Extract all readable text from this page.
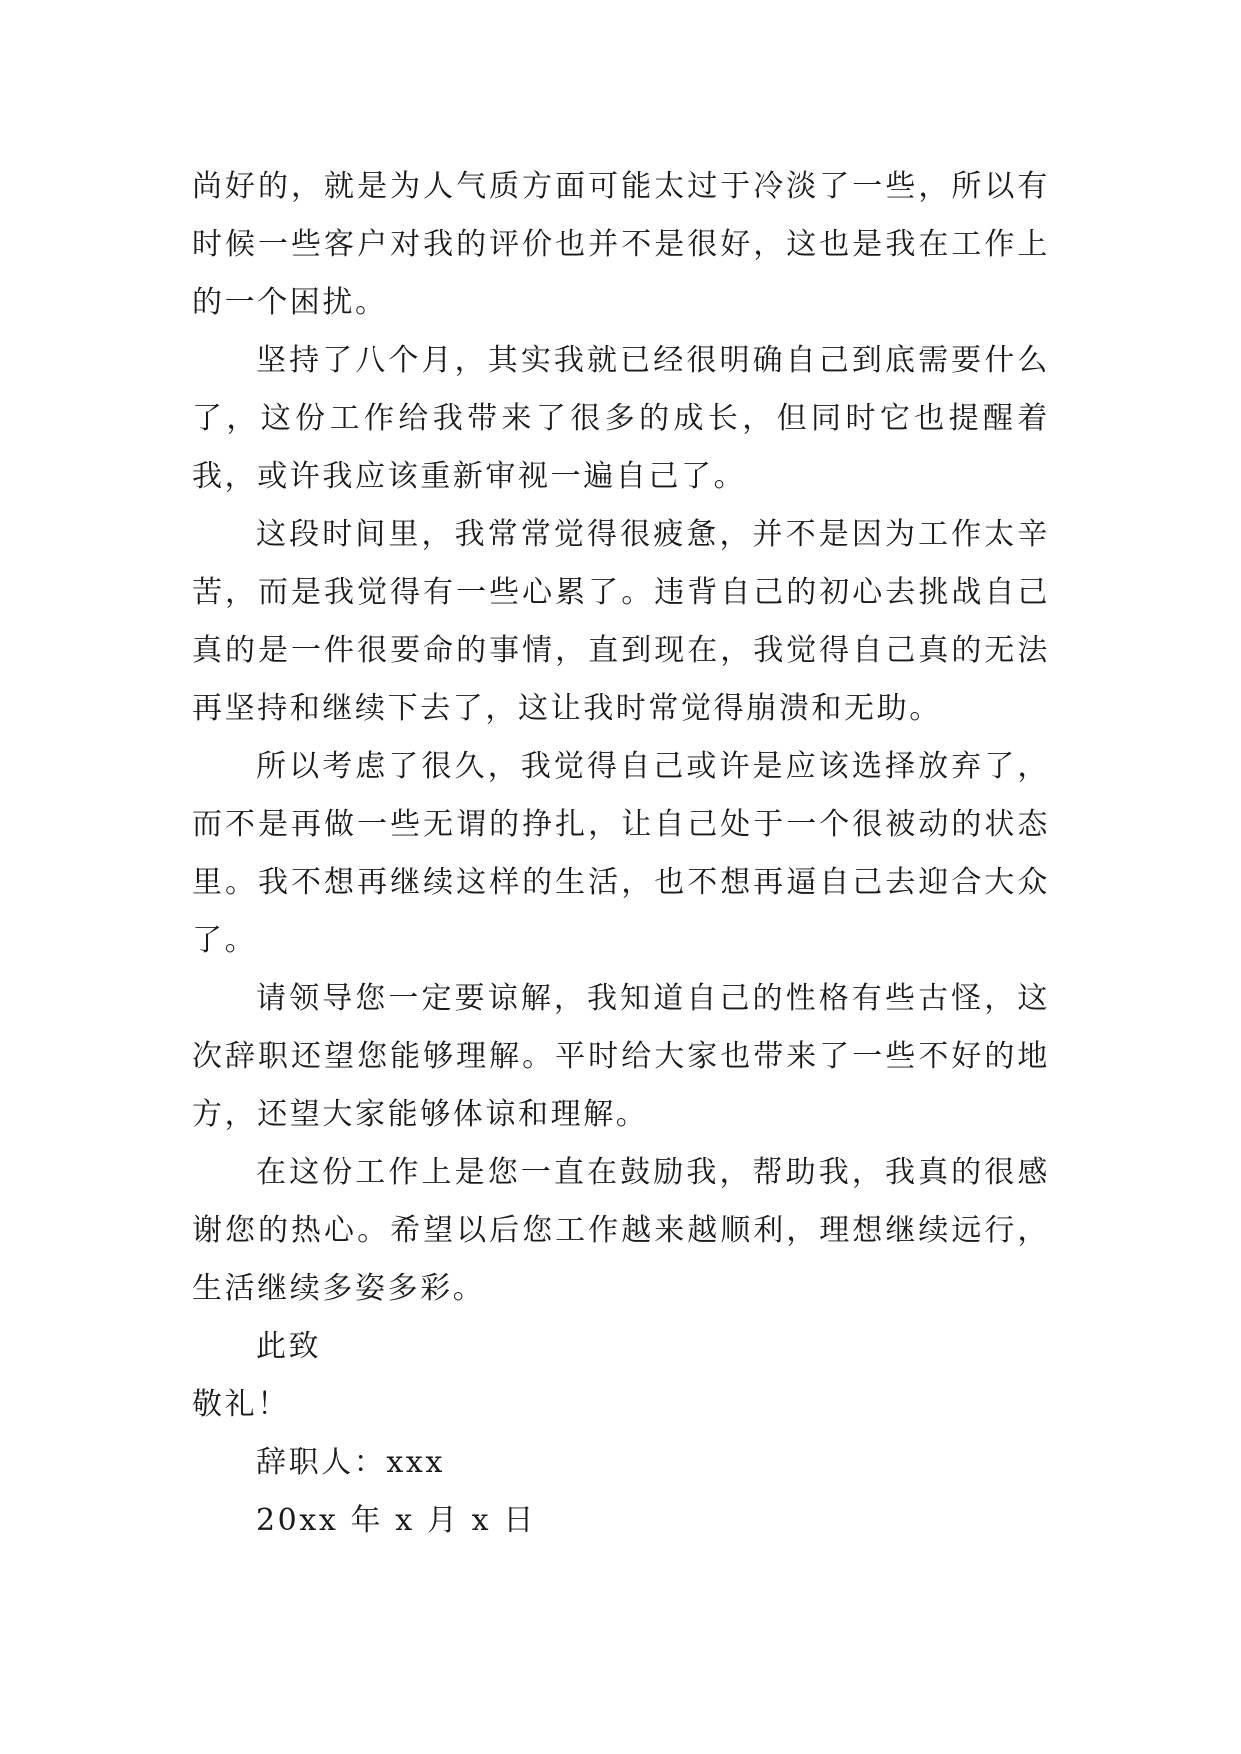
尚好的，就是为人气质方面可能太过于冷淡了一些，所以有时候一些客户对我的评价也并不是很好，这也是我在工作上的一个困扰。

坚持了八个月，其实我就已经很明确自己到底需要什么了，这份工作给我带来了很多的成长，但同时它也提醒着我，或许我应该重新审视一遍自己了。

这段时间里，我常常觉得很疲惫，并不是因为工作太辛苦，而是我觉得有一些心累了。违背自己的初心去挑战自己真的是一件很要命的事情，直到现在，我觉得自己真的无法再坚持和继续下去了，这让我时常觉得崩溃和无助。

所以考虑了很久，我觉得自己或许是应该选择放弃了，而不是再做一些无谓的挣扎，让自己处于一个很被动的状态里。我不想再继续这样的生活，也不想再逼自己去迎合大众了。

请领导您一定要谅解，我知道自己的性格有些古怪，这次辞职还望您能够理解。平时给大家也带来了一些不好的地方，还望大家能够体谅和理解。

在这份工作上是您一直在鼓励我，帮助我，我真的很感谢您的热心。希望以后您工作越来越顺利，理想继续远行，生活继续多姿多彩。

此致

敬礼！

辞职人：xxx

20xx 年 x 月 x 日
